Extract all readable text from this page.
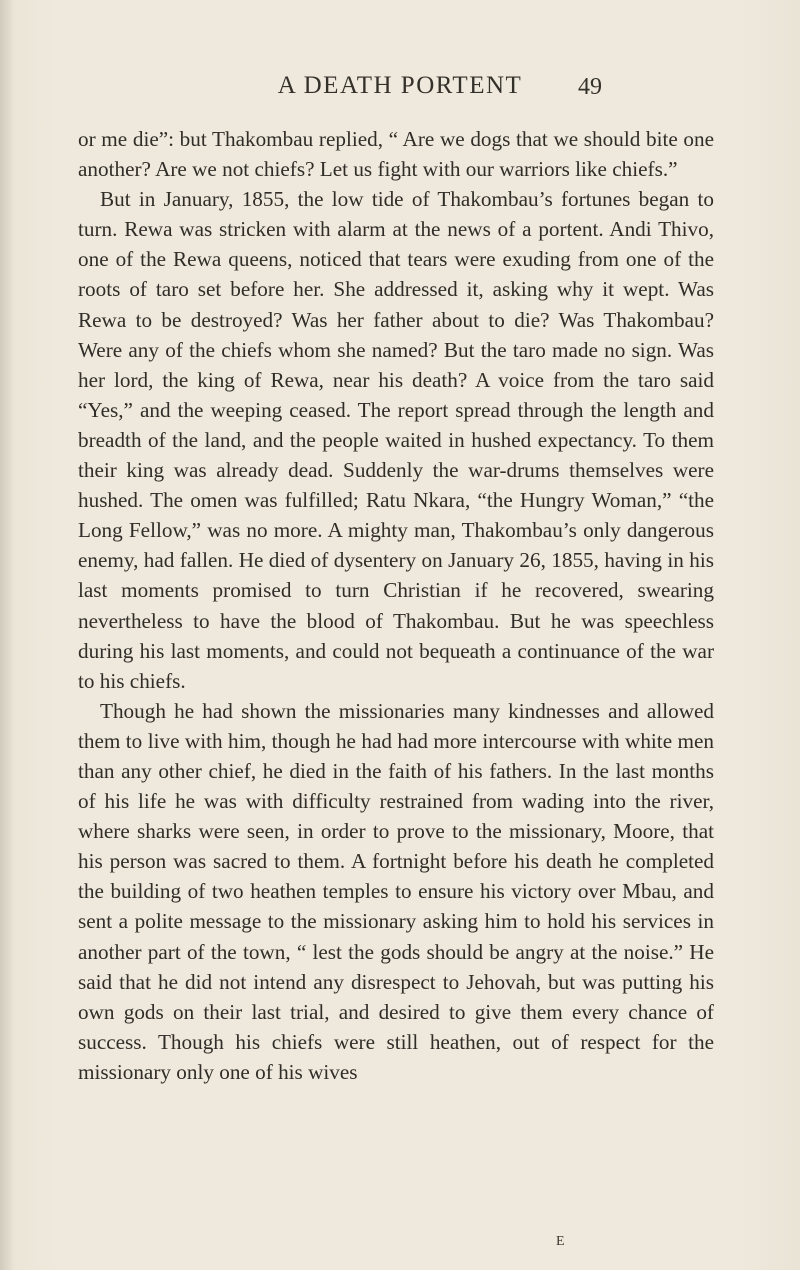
A DEATH PORTENT	49

or me die”: but Thakombau replied, “ Are we dogs that we should bite one another? Are we not chiefs? Let us fight with our warriors like chiefs.”

But in January, 1855, the low tide of Thakombau’s fortunes began to turn. Rewa was stricken with alarm at the news of a portent. Andi Thivo, one of the Rewa queens, noticed that tears were exuding from one of the roots of taro set before her. She addressed it, asking why it wept. Was Rewa to be destroyed? Was her father about to die? Was Thakombau? Were any of the chiefs whom she named? But the taro made no sign. Was her lord, the king of Rewa, near his death? A voice from the taro said “Yes,” and the weeping ceased. The report spread through the length and breadth of the land, and the people waited in hushed expectancy. To them their king was already dead. Suddenly the war-drums themselves were hushed. The omen was fulfilled; Ratu Nkara, “the Hungry Woman,” “the Long Fellow,” was no more. A mighty man, Thakombau’s only dangerous enemy, had fallen. He died of dysentery on January 26, 1855, having in his last moments promised to turn Christian if he recovered, swearing nevertheless to have the blood of Thakombau. But he was speechless during his last moments, and could not bequeath a continuance of the war to his chiefs.

Though he had shown the missionaries many kindnesses and allowed them to live with him, though he had had more intercourse with white men than any other chief, he died in the faith of his fathers. In the last months of his life he was with difficulty restrained from wading into the river, where sharks were seen, in order to prove to the missionary, Moore, that his person was sacred to them. A fortnight before his death he completed the building of two heathen temples to ensure his victory over Mbau, and sent a polite message to the missionary asking him to hold his services in another part of the town, “ lest the gods should be angry at the noise.” He said that he did not intend any disrespect to Jehovah, but was putting his own gods on their last trial, and desired to give them every chance of success. Though his chiefs were still heathen, out of respect for the missionary only one of his wives

E
